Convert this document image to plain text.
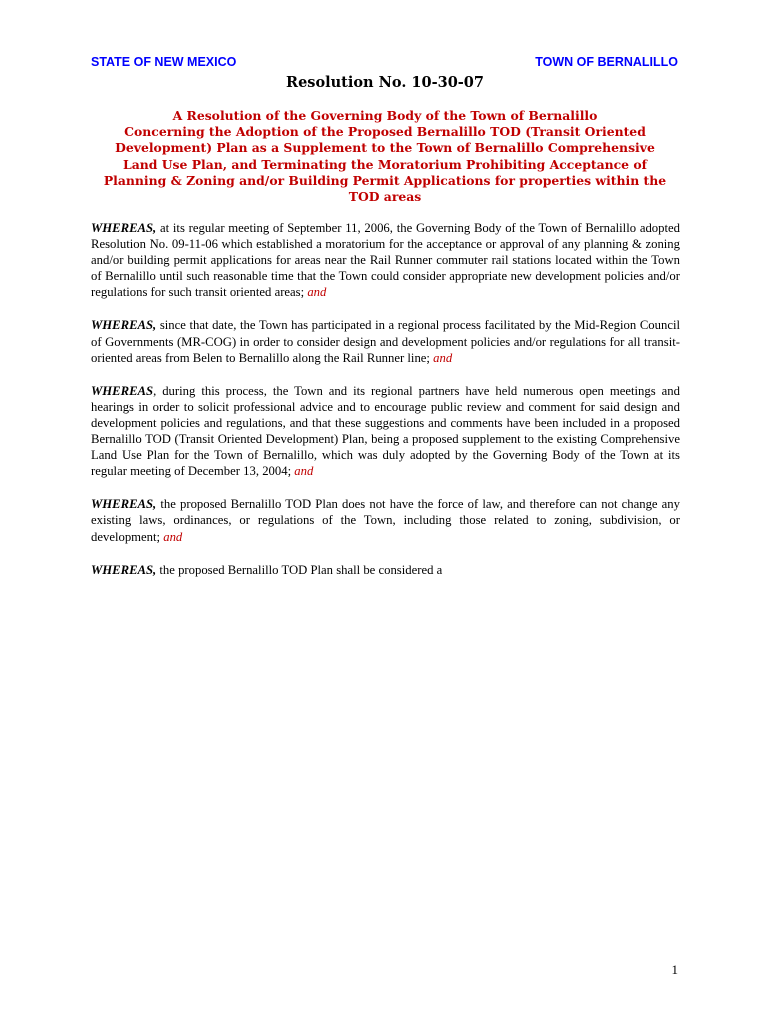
STATE OF NEW MEXICO	TOWN OF BERNALILLO
Resolution No. 10-30-07
A Resolution of the Governing Body of the Town of Bernalillo
Concerning the Adoption of the Proposed Bernalillo TOD (Transit Oriented
Development) Plan as a Supplement to the Town of Bernalillo Comprehensive
Land Use Plan, and Terminating the Moratorium Prohibiting Acceptance of
Planning & Zoning and/or Building Permit Applications for properties within the
TOD areas

WHEREAS, at its regular meeting of September 11, 2006, the Governing Body of the Town of Bernalillo adopted Resolution No. 09-11-06 which established a moratorium for the acceptance or approval of any planning & zoning and/or building permit applications for areas near the Rail Runner commuter rail stations located within the Town of Bernalillo until such reasonable time that the Town could consider appropriate new development policies and/or regulations for such transit oriented areas; and

WHEREAS, since that date, the Town has participated in a regional process facilitated by the Mid-Region Council of Governments (MR-COG) in order to consider design and development policies and/or regulations for all transit-oriented areas from Belen to Bernalillo along the Rail Runner line; and

WHEREAS, during this process, the Town and its regional partners have held numerous open meetings and hearings in order to solicit professional advice and to encourage public review and comment for said design and development policies and regulations, and that these suggestions and comments have been included in a proposed Bernalillo TOD (Transit Oriented Development) Plan, being a proposed supplement to the existing Comprehensive Land Use Plan for the Town of Bernalillo, which was duly adopted by the Governing Body of the Town at its regular meeting of December 13, 2004; and

WHEREAS, the proposed Bernalillo TOD Plan does not have the force of law, and therefore can not change any existing laws, ordinances, or regulations of the Town, including those related to zoning, subdivision, or development; and

WHEREAS, the proposed Bernalillo TOD Plan shall be considered a

1
